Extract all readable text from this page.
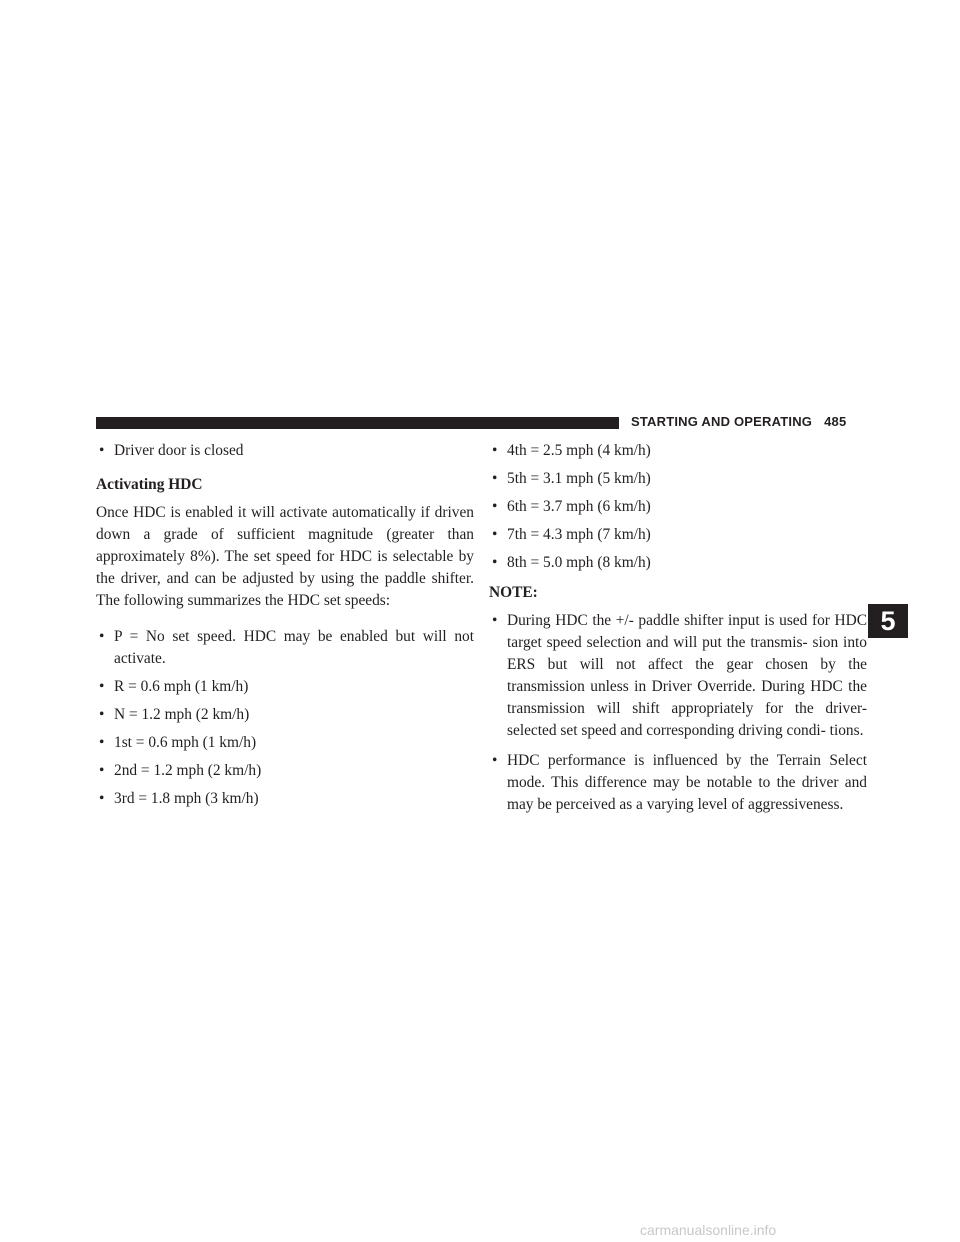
STARTING AND OPERATING 485
• Driver door is closed
Activating HDC

Once HDC is enabled it will activate automatically if driven down a grade of sufficient magnitude (greater than approximately 8%). The set speed for HDC is selectable by the driver, and can be adjusted by using the paddle shifter. The following summarizes the HDC set speeds:

• P = No set speed. HDC may be enabled but will not activate.
• R = 0.6 mph (1 km/h)
• N = 1.2 mph (2 km/h)
• 1st = 0.6 mph (1 km/h)
• 2nd = 1.2 mph (2 km/h)
• 3rd = 1.8 mph (3 km/h)
• 4th = 2.5 mph (4 km/h)
• 5th = 3.1 mph (5 km/h)
• 6th = 3.7 mph (6 km/h)
• 7th = 4.3 mph (7 km/h)
• 8th = 5.0 mph (8 km/h)
NOTE:
• During HDC the +/- paddle shifter input is used for HDC target speed selection and will put the transmis- sion into ERS but will not affect the gear chosen by the transmission unless in Driver Override. During HDC the transmission will shift appropriately for the driver- selected set speed and corresponding driving condi- tions.
• HDC performance is influenced by the Terrain Select mode. This difference may be notable to the driver and may be perceived as a varying level of aggressiveness.
5
carmanualsonline.info
